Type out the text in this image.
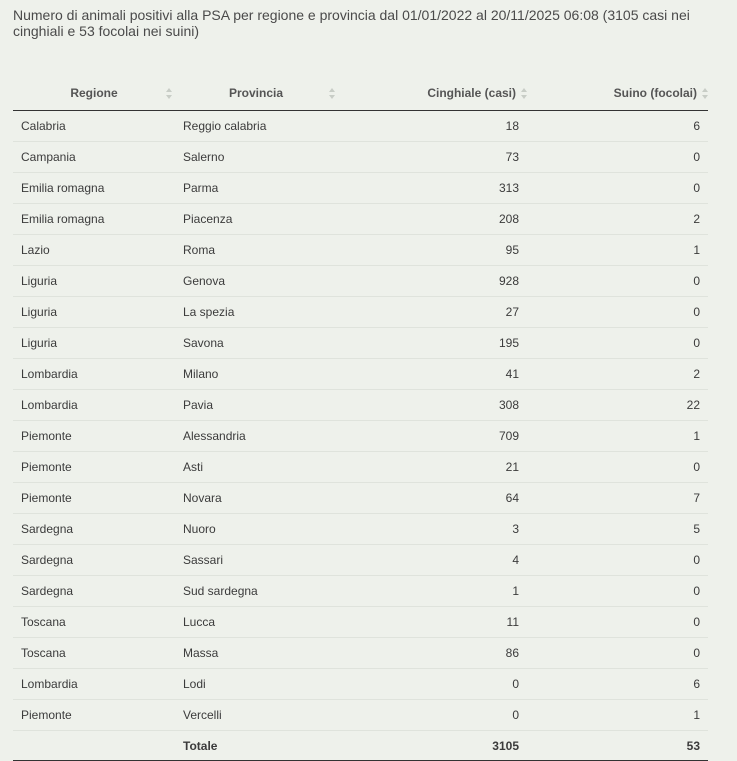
Numero di animali positivi alla PSA per regione e provincia dal 01/01/2022 al 20/11/2025 06:08 (3105 casi nei cinghiali e 53 focolai nei suini)
Regione	Provincia	Cinghiale (casi)	Suino (focolai)
Calabria	Reggio calabria	18	6
Campania	Salerno	73	0
Emilia romagna	Parma	313	0
Emilia romagna	Piacenza	208	2
Lazio	Roma	95	1
Liguria	Genova	928	0
Liguria	La spezia	27	0
Liguria	Savona	195	0
Lombardia	Milano	41	2
Lombardia	Pavia	308	22
Piemonte	Alessandria	709	1
Piemonte	Asti	21	0
Piemonte	Novara	64	7
Sardegna	Nuoro	3	5
Sardegna	Sassari	4	0
Sardegna	Sud sardegna	1	0
Toscana	Lucca	11	0
Toscana	Massa	86	0
Lombardia	Lodi	0	6
Piemonte	Vercelli	0	1
	Totale	3105	53
